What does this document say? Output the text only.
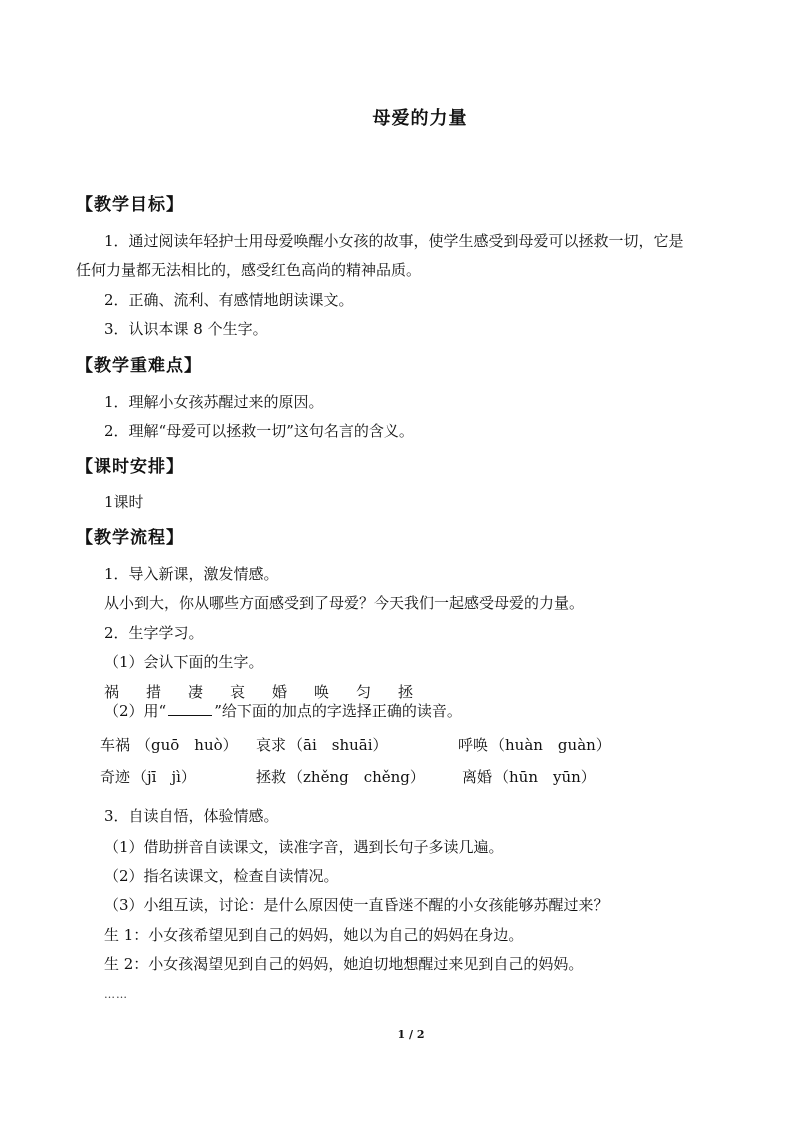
母爱的力量
【教学目标】
1．通过阅读年轻护士用母爱唤醒小女孩的故事，使学生感受到母爱可以拯救一切，它是
任何力量都无法相比的，感受红色高尚的精神品质。
2．正确、流利、有感情地朗读课文。
3．认识本课 8 个生字。
【教学重难点】
1．理解小女孩苏醒过来的原因。
2．理解“母爱可以拯救一切”这句名言的含义。
【课时安排】
1课时
【教学流程】
1．导入新课，激发情感。
从小到大，你从哪些方面感受到了母爱？今天我们一起感受母爱的力量。
2．生字学习。
（1）会认下面的生字。
祸 措 凄 哀 婚 唤 匀 拯
（2）用“	”给下面的加点的字选择正确的读音。
车祸 （guō　huò） 哀求 （āi　shuāi）	呼唤 （huàn　guàn）
奇迹 （jī　jì）	拯救 （zhěng　chěng） 离婚 （hūn　yūn）
3．自读自悟，体验情感。
（1）借助拼音自读课文，读准字音，遇到长句子多读几遍。
（2）指名读课文，检查自读情况。
（3）小组互读，讨论：是什么原因使一直昏迷不醒的小女孩能够苏醒过来？
生 1：小女孩希望见到自己的妈妈，她以为自己的妈妈在身边。
生 2：小女孩渴望见到自己的妈妈，她迫切地想醒过来见到自己的妈妈。
……
1 / 2
